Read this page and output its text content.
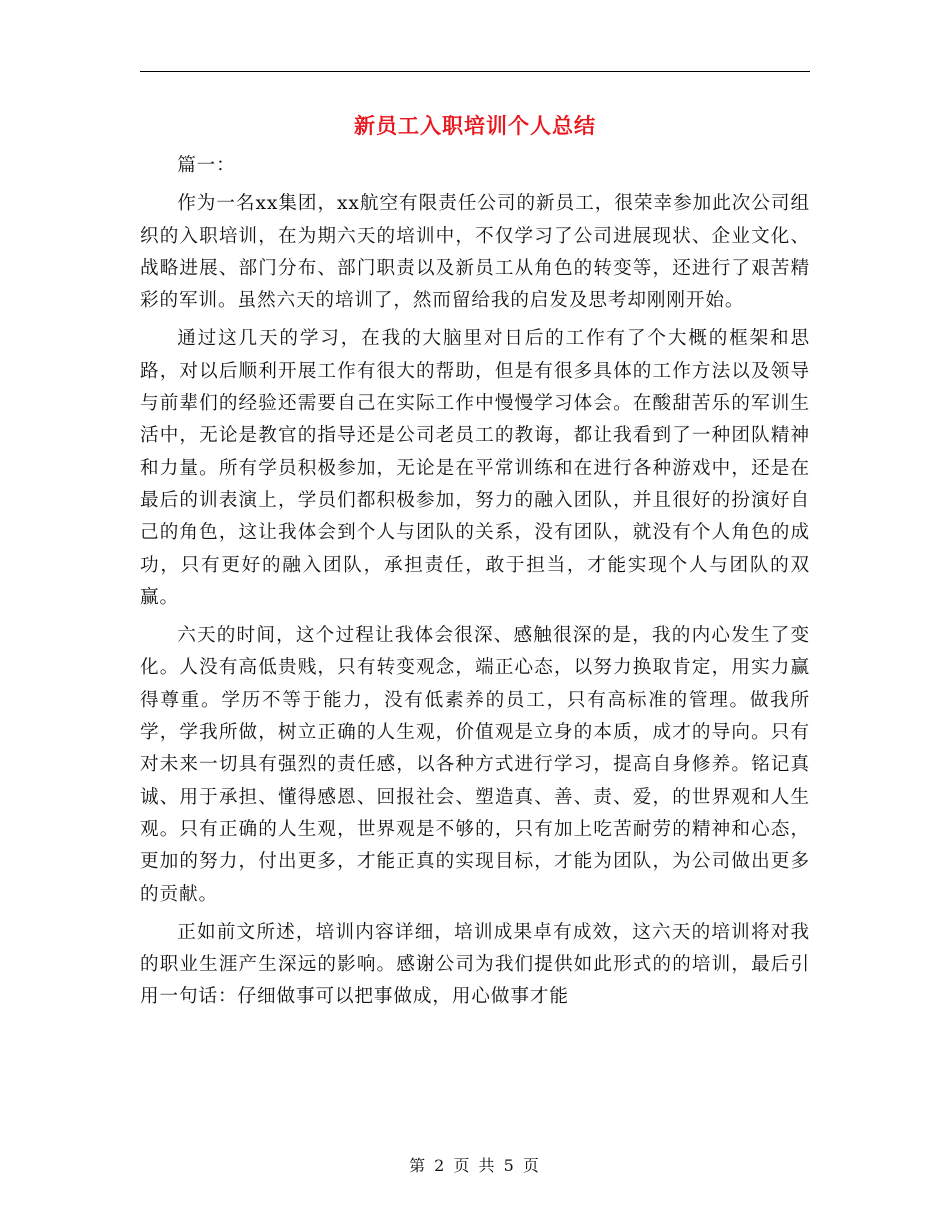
新员工入职培训个人总结

篇一：

作为一名xx集团，xx航空有限责任公司的新员工，很荣幸参加此次公司组织的入职培训，在为期六天的培训中，不仅学习了公司进展现状、企业文化、战略进展、部门分布、部门职责以及新员工从角色的转变等，还进行了艰苦精彩的军训。虽然六天的培训了，然而留给我的启发及思考却刚刚开始。

通过这几天的学习，在我的大脑里对日后的工作有了个大概的框架和思路，对以后顺利开展工作有很大的帮助，但是有很多具体的工作方法以及领导与前辈们的经验还需要自己在实际工作中慢慢学习体会。在酸甜苦乐的军训生活中，无论是教官的指导还是公司老员工的教诲，都让我看到了一种团队精神和力量。所有学员积极参加，无论是在平常训练和在进行各种游戏中，还是在最后的训表演上，学员们都积极参加，努力的融入团队，并且很好的扮演好自己的角色，这让我体会到个人与团队的关系，没有团队，就没有个人角色的成功，只有更好的融入团队，承担责任，敢于担当，才能实现个人与团队的双赢。

六天的时间，这个过程让我体会很深、感触很深的是，我的内心发生了变化。人没有高低贵贱，只有转变观念，端正心态，以努力换取肯定，用实力赢得尊重。学历不等于能力，没有低素养的员工，只有高标准的管理。做我所学，学我所做，树立正确的人生观，价值观是立身的本质，成才的导向。只有对未来一切具有强烈的责任感，以各种方式进行学习，提高自身修养。铭记真诚、用于承担、懂得感恩、回报社会、塑造真、善、责、爱，的世界观和人生观。只有正确的人生观，世界观是不够的，只有加上吃苦耐劳的精神和心态，更加的努力，付出更多，才能正真的实现目标，才能为团队，为公司做出更多的贡献。

正如前文所述，培训内容详细，培训成果卓有成效，这六天的培训将对我的职业生涯产生深远的影响。感谢公司为我们提供如此形式的的培训，最后引用一句话：仔细做事可以把事做成，用心做事才能

第 2 页 共 5 页
